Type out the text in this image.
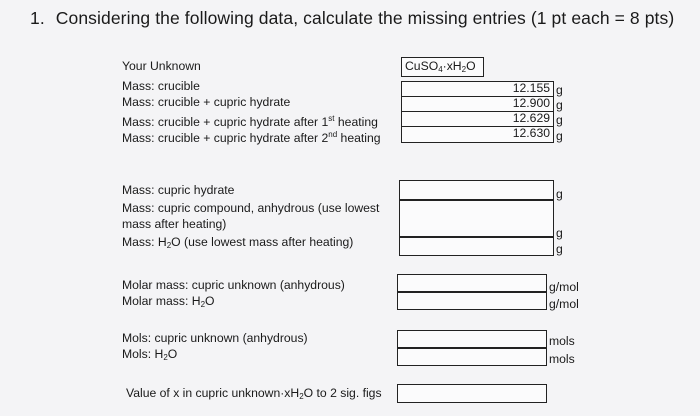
1. Considering the following data, calculate the missing entries (1 pt each = 8 pts)
Your Unknown
Mass: crucible
Mass: crucible + cupric hydrate
Mass: crucible + cupric hydrate after 1st heating
Mass: crucible + cupric hydrate after 2nd heating
$CuSO_4\cdot xH_2O$
12.155 g
12.900 g
12.629 g
12.630 g
Mass: cupric hydrate
Mass: cupric compound, anhydrous (use lowest
mass after heating)
Mass: $H_2O$ (use lowest mass after heating)
g
g
g
Molar mass: cupric unknown (anhydrous)
Molar mass: $H_2O$
g/mol
g/mol
Mols: cupric unknown (anhydrous)
Mols: $H_2O$
mols
mols
Value of x in cupric $unknown\cdot xH_2O$ to 2 sig. figs
